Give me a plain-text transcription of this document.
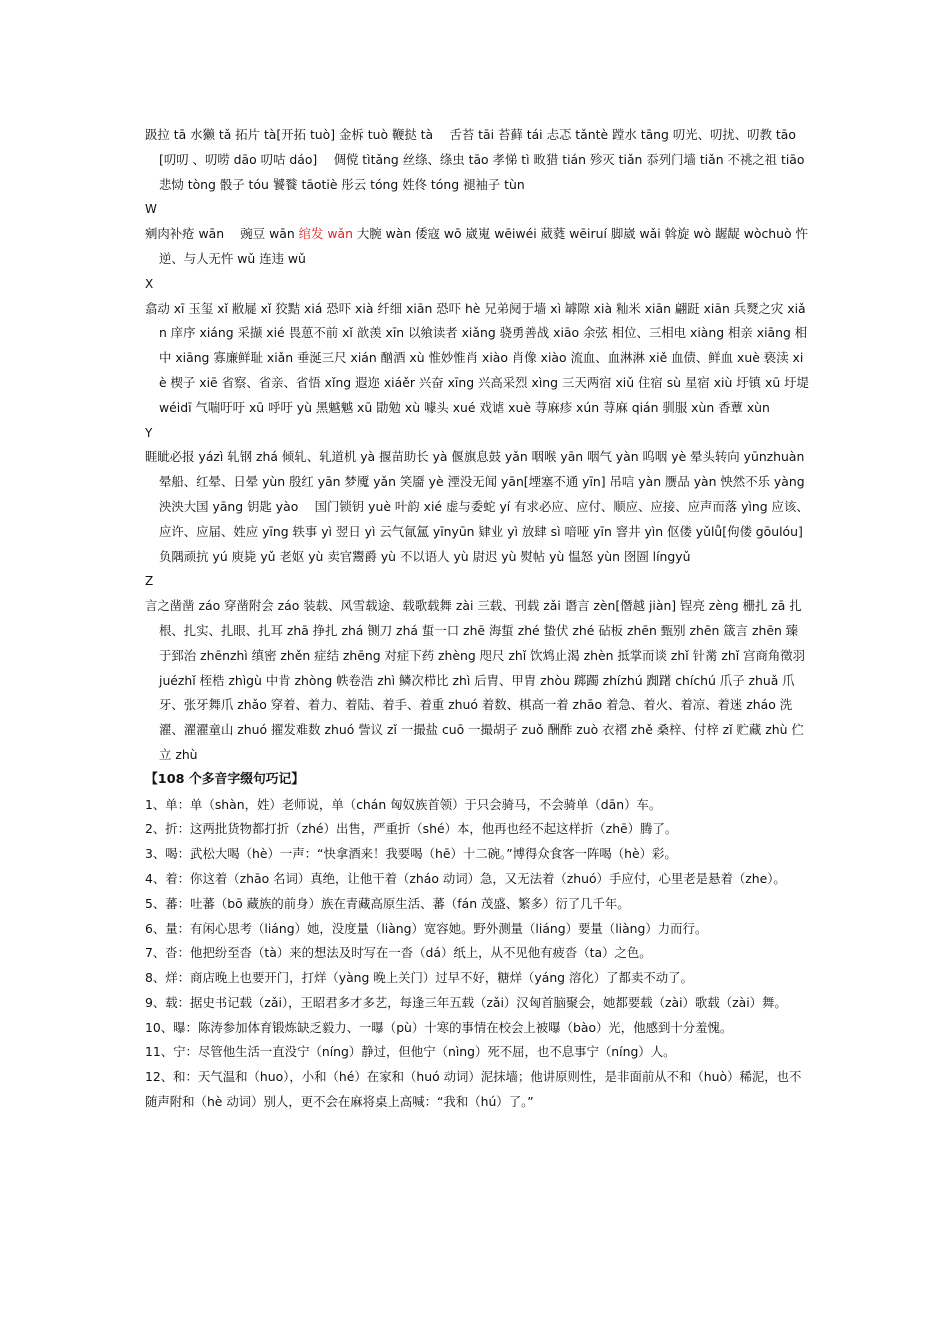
趿拉 tā 水獭 tǎ 拓片 tà[开拓 tuò] 金柝 tuò 鞭挞 tà　 舌苔 tāi 苔藓 tái 忐忑 tǎntè 蹚水 tāng 叨光、叨扰、叨教 tāo[叨叨 、叨唠 dāo 叨咕 dáo]　 倜傥 tìtǎng 丝绦、绦虫 tāo 孝悌 tì 畋猎 tián 殄灭 tiǎn 忝列门墙 tiǎn 不祧之祖 tiāo 悲恸 tòng 骰子 tóu 饕餮 tāotiè 彤云 tóng 姓佟 tóng 褪袖子 tùn

W

剜肉补疮 wān　 豌豆 wān 绾发 wǎn 大腕 wàn 倭寇 wō 崴嵬 wēiwéi 葳蕤 wēiruí 脚崴 wǎi 斡旋 wò 龌龊 wòchuò 忤逆、与人无忤 wǔ 连违 wǔ

X

翕动 xī 玉玺 xǐ 敝屣 xǐ 狡黠 xiá 恐吓 xià 纤细 xiān 恐吓 hè 兄弟阋于墙 xì 罅隙 xià 籼米 xiān 翩跹 xiān 兵燹之灾 xiǎn 庠序 xiáng 采撷 xié 畏葸不前 xǐ 歆羡 xīn 以飨读者 xiǎng 骁勇善战 xiāo 余弦 相位、三相电 xiàng 相亲 xiāng 相中 xiāng 寡廉鲜耻 xiǎn 垂涎三尺 xián 酗酒 xù 惟妙惟肖 xiào 肖像 xiào 流血、血淋淋 xiě 血债、鲜血 xuè 亵渎 xiè 楔子 xiē 省察、省亲、省悟 xǐng 遐迩 xiáěr 兴奋 xīng 兴高采烈 xìng 三天两宿 xiǔ 住宿 sù 星宿 xiù 圩镇 xū 圩堤 wéidī 气喘吁吁 xū 呼吁 yù 黑魆魆 xū 勖勉 xù 噱头 xué 戏谑 xuè 荨麻疹 xún 荨麻 qián 驯服 xùn 香蕈 xùn

Y

睚眦必报 yázì 轧钢 zhá 倾轧、轧道机 yà 揠苗助长 yà 偃旗息鼓 yǎn 咽喉 yān 咽气 yàn 呜咽 yè 晕头转向 yūnzhuàn 晕船、红晕、日晕 yùn 殷红 yān 梦魇 yǎn 笑靥 yè 湮没无闻 yān[堙塞不通 yīn] 吊唁 yàn 赝品 yàn 怏然不乐 yàng 泱泱大国 yāng 钥匙 yào　 国门锁钥 yuè 叶韵 xié 虚与委蛇 yí 有求必应、应付、顺应、应接、应声而落 yìng 应该、应许、应届、姓应 yīng 轶事 yì 翌日 yì 云气氤氲 yīnyūn 肄业 yì 放肆 sì 喑哑 yīn 窨井 yìn 伛偻 yǔlǚ[佝偻 gōulóu] 负隅顽抗 yú 庾毙 yǔ 老妪 yù 卖官鬻爵 yù 不以语人 yù 尉迟 yù 熨帖 yù 愠怒 yùn 囹圄 língyǔ

Z

言之凿凿 záo 穿凿附会 záo 装载、风雪载途、载歌载舞 zài 三载、刊载 zǎi 谮言 zèn[僭越 jiàn] 锃亮 zèng 栅扎 zā 扎根、扎实、扎眼、扎耳 zhā 挣扎 zhá 铡刀 zhá 蜇一口 zhē 海蜇 zhé 蛰伏 zhé 砧板 zhēn 甄别 zhēn 箴言 zhēn 臻于郅治 zhēnzhì 缜密 zhěn 症结 zhēng 对症下药 zhèng 咫尺 zhǐ 饮鸩止渴 zhèn 抵掌而谈 zhǐ 针黹 zhǐ 宫商角徵羽 juézhǐ 桎梏 zhìgù 中肯 zhòng 帙卷浩 zhì 鳞次栉比 zhì 后胄、甲胄 zhòu 踯躅 zhízhú 踟躇 chíchú 爪子 zhuǎ 爪牙、张牙舞爪 zhǎo 穿着、着力、着陆、着手、着重 zhuó 着数、棋高一着 zhāo 着急、着火、着凉、着迷 zháo 洗濯、濯濯童山 zhuó 擢发难数 zhuó 訾议 zǐ 一撮盐 cuō 一撮胡子 zuǒ 酬酢 zuò 衣褶 zhě 桑梓、付梓 zǐ 贮藏 zhù 伫立 zhù

【108 个多音字缀句巧记】

1、单：单（shàn，姓）老师说，单（chán 匈奴族首领）于只会骑马，不会骑单（dān）车。

2、折：这两批货物都打折（zhé）出售，严重折（shé）本，他再也经不起这样折（zhē）腾了。

3、喝：武松大喝（hè）一声：“快拿酒来！我要喝（hē）十二碗。”博得众食客一阵喝（hè）彩。

4、着：你这着（zhāo 名词）真绝，让他干着（zháo 动词）急，又无法着（zhuó）手应付，心里老是悬着（zhe）。

5、蕃：吐蕃（bō 藏族的前身）族在青藏高原生活、蕃（fán 茂盛、繁多）衍了几千年。

6、量：有闲心思考（liáng）她，没度量（liàng）宽容她。野外测量（liáng）要量（liàng）力而行。

7、沓：他把纷至沓（tà）来的想法及时写在一沓（dá）纸上，从不见他有疲沓（ta）之色。

8、烊：商店晚上也要开门，打烊（yàng 晚上关门）过早不好，糖烊（yáng 溶化）了都卖不动了。

9、载：据史书记载（zǎi），王昭君多才多艺，每逢三年五载（zǎi）汉匈首脑聚会，她都要载（zài）歌载（zài）舞。

10、曝：陈涛参加体育锻炼缺乏毅力、一曝（pù）十寒的事情在校会上被曝（bào）光，他感到十分羞愧。

11、宁：尽管他生活一直没宁（níng）静过，但他宁（nìng）死不屈，也不息事宁（níng）人。

12、和：天气温和（huo），小和（hé）在家和（huó 动词）泥抹墙；他讲原则性，是非面前从不和（huò）稀泥，也不随声附和（hè 动词）别人，更不会在麻将桌上高喊：“我和（hú）了。”
